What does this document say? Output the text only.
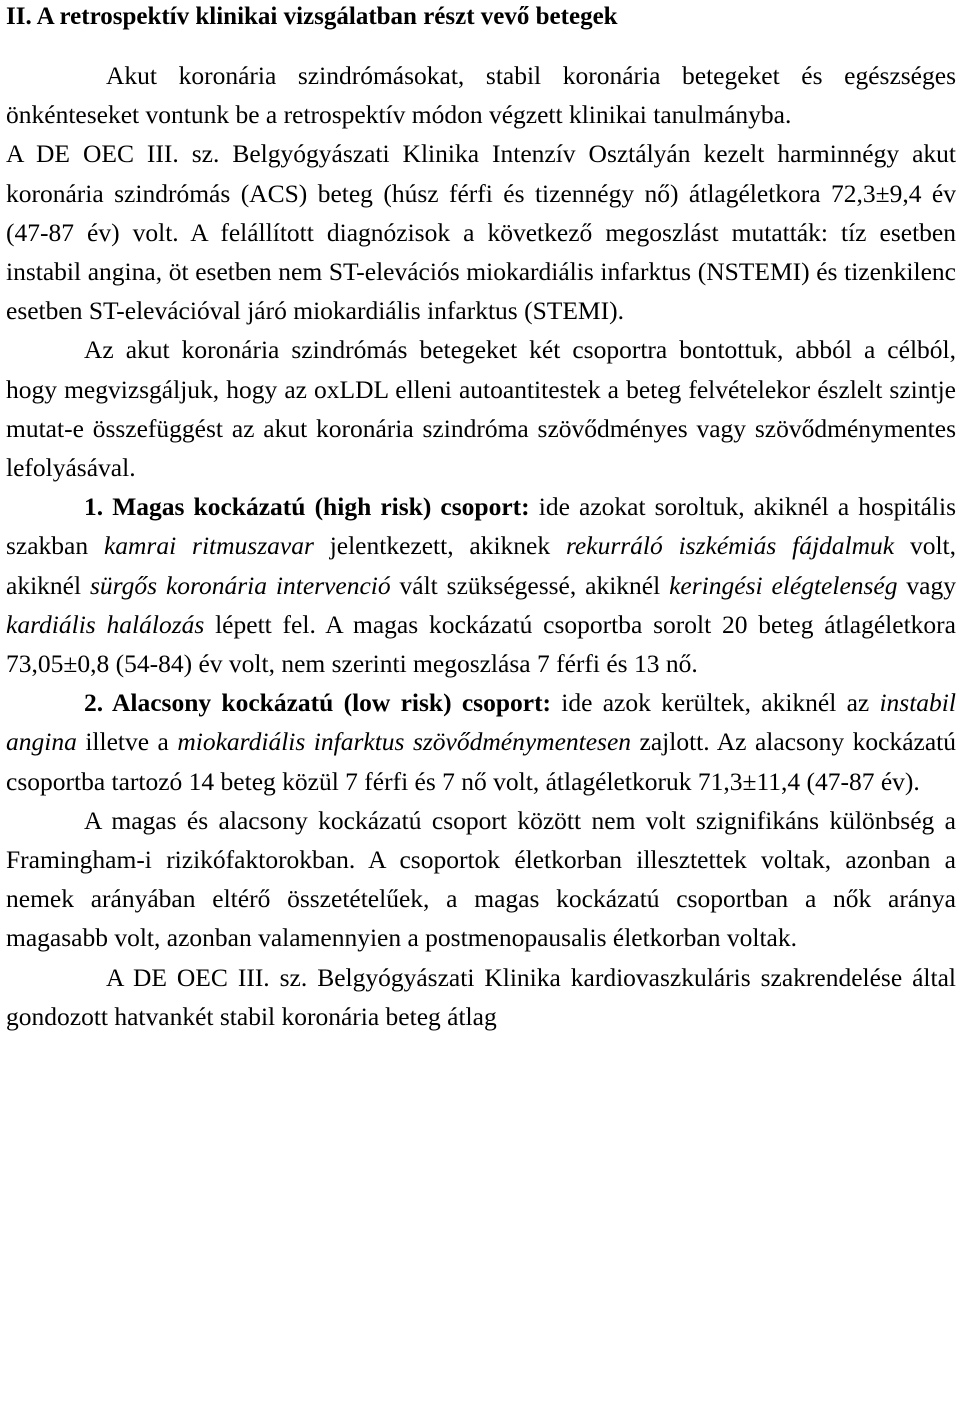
II. A retrospektív klinikai vizsgálatban részt vevő betegek

Akut koronária szindrómásokat, stabil koronária betegeket és egészséges önkénteseket vontunk be a retrospektív módon végzett klinikai tanulmányba.

A DE OEC III. sz. Belgyógyászati Klinika Intenzív Osztályán kezelt harminnégy akut koronária szindrómás (ACS) beteg (húsz férfi és tizennégy nő) átlagéletkora 72,3±9,4 év (47-87 év) volt. A felállított diagnózisok a következő megoszlást mutatták: tíz esetben instabil angina, öt esetben nem ST-elevációs miokardiális infarktus (NSTEMI) és tizenkilenc esetben ST-elevációval járó miokardiális infarktus (STEMI).

Az akut koronária szindrómás betegeket két csoportra bontottuk, abból a célból, hogy megvizsgáljuk, hogy az oxLDL elleni autoantitestek a beteg felvételekor észlelt szintje mutat-e összefüggést az akut koronária szindróma szövődményes vagy szövődménymentes lefolyásával.

1. Magas kockázatú (high risk) csoport: ide azokat soroltuk, akiknél a hospitális szakban kamrai ritmuszavar jelentkezett, akiknek rekurráló iszkémiás fájdalmuk volt, akiknél sürgős koronária intervenció vált szükségessé, akiknél keringési elégtelenség vagy kardiális halálozás lépett fel. A magas kockázatú csoportba sorolt 20 beteg átlagéletkora 73,05±0,8 (54-84) év volt, nem szerinti megoszlása 7 férfi és 13 nő.

2. Alacsony kockázatú (low risk) csoport: ide azok kerültek, akiknél az instabil angina illetve a miokardiális infarktus szövődménymentesen zajlott. Az alacsony kockázatú csoportba tartozó 14 beteg közül 7 férfi és 7 nő volt, átlagéletkoruk 71,3±11,4 (47-87 év).

A magas és alacsony kockázatú csoport között nem volt szignifikáns különbség a Framingham-i rizikófaktorokban. A csoportok életkorban illesztettek voltak, azonban a nemek arányában eltérő összetételűek, a magas kockázatú csoportban a nők aránya magasabb volt, azonban valamennyien a postmenopausalis életkorban voltak.

A DE OEC III. sz. Belgyógyászati Klinika kardiovaszkuláris szakrendelése által gondozott hatvankét stabil koronária beteg átlag
